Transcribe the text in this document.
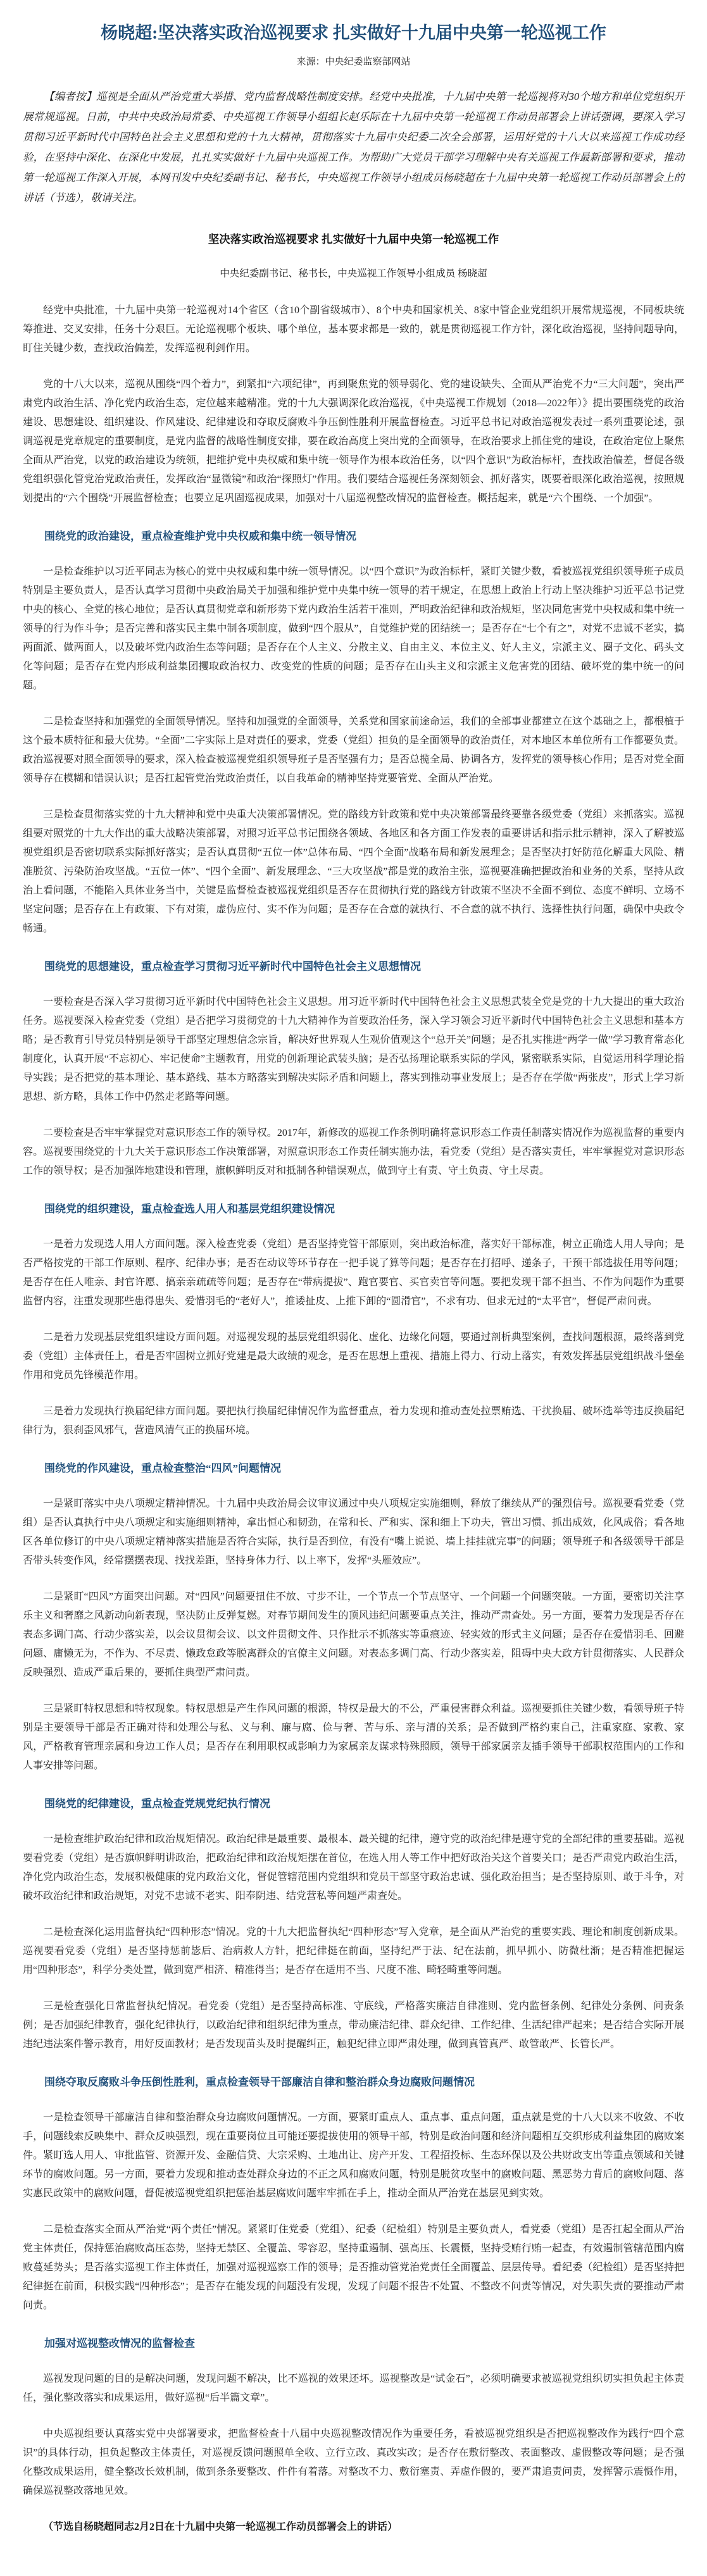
杨晓超:坚决落实政治巡视要求 扎实做好十九届中央第一轮巡视工作
来源：中央纪委监察部网站

【编者按】巡视是全面从严治党重大举措、党内监督战略性制度安排。经党中央批准，十九届中央第一轮巡视将对30个地方和单位党组织开展常规巡视。日前，中共中央政治局常委、中央巡视工作领导小组组长赵乐际在十九届中央第一轮巡视工作动员部署会上讲话强调，要深入学习贯彻习近平新时代中国特色社会主义思想和党的十九大精神，贯彻落实十九届中央纪委二次全会部署，运用好党的十八大以来巡视工作成功经验，在坚持中深化、在深化中发展，扎扎实实做好十九届中央巡视工作。为帮助广大党员干部学习理解中央有关巡视工作最新部署和要求，推动第一轮巡视工作深入开展，本网刊发中央纪委副书记、秘书长，中央巡视工作领导小组成员杨晓超在十九届中央第一轮巡视工作动员部署会上的讲话（节选），敬请关注。

坚决落实政治巡视要求 扎实做好十九届中央第一轮巡视工作
中央纪委副书记、秘书长，中央巡视工作领导小组成员 杨晓超

经党中央批准，十九届中央第一轮巡视对14个省区（含10个副省级城市）、8个中央和国家机关、8家中管企业党组织开展常规巡视，不同板块统筹推进、交叉安排，任务十分艰巨。无论巡视哪个板块、哪个单位，基本要求都是一致的，就是贯彻巡视工作方针，深化政治巡视，坚持问题导向，盯住关键少数，查找政治偏差，发挥巡视利剑作用。

党的十八大以来，巡视从围绕“四个着力”，到紧扣“六项纪律”，再到聚焦党的领导弱化、党的建设缺失、全面从严治党不力“三大问题”，突出严肃党内政治生活、净化党内政治生态，定位越来越精准。党的十九大强调深化政治巡视，《中央巡视工作规划（2018—2022年）》提出要围绕党的政治建设、思想建设、组织建设、作风建设、纪律建设和夺取反腐败斗争压倒性胜利开展监督检查。习近平总书记对政治巡视发表过一系列重要论述，强调巡视是党章规定的重要制度，是党内监督的战略性制度安排，要在政治高度上突出党的全面领导，在政治要求上抓住党的建设，在政治定位上聚焦全面从严治党，以党的政治建设为统领，把维护党中央权威和集中统一领导作为根本政治任务，以“四个意识”为政治标杆，查找政治偏差，督促各级党组织强化管党治党政治责任，发挥政治“显微镜”和政治“探照灯”作用。我们要结合巡视任务深刻领会、抓好落实，既要着眼深化政治巡视，按照规划提出的“六个围绕”开展监督检查；也要立足巩固巡视成果，加强对十八届巡视整改情况的监督检查。概括起来，就是“六个围绕、一个加强”。

围绕党的政治建设，重点检查维护党中央权威和集中统一领导情况

一是检查维护以习近平同志为核心的党中央权威和集中统一领导情况。以“四个意识”为政治标杆，紧盯关键少数，看被巡视党组织领导班子成员特别是主要负责人，是否认真学习贯彻中央政治局关于加强和维护党中央集中统一领导的若干规定，在思想上政治上行动上坚决维护习近平总书记党中央的核心、全党的核心地位；是否认真贯彻党章和新形势下党内政治生活若干准则，严明政治纪律和政治规矩，坚决同危害党中央权威和集中统一领导的行为作斗争；是否完善和落实民主集中制各项制度，做到“四个服从”，自觉维护党的团结统一；是否存在“七个有之”，对党不忠诚不老实，搞两面派、做两面人，以及破坏党内政治生态等问题；是否存在个人主义、分散主义、自由主义、本位主义、好人主义，宗派主义、圈子文化、码头文化等问题；是否存在党内形成利益集团攫取政治权力、改变党的性质的问题；是否存在山头主义和宗派主义危害党的团结、破坏党的集中统一的问题。

二是检查坚持和加强党的全面领导情况。坚持和加强党的全面领导，关系党和国家前途命运，我们的全部事业都建立在这个基础之上，都根植于这个最本质特征和最大优势。“全面”二字实际上是对责任的要求，党委（党组）担负的是全面领导的政治责任，对本地区本单位所有工作都要负责。政治巡视要对照全面领导的要求，深入检查被巡视党组织领导班子是否坚强有力；是否总揽全局、协调各方，发挥党的领导核心作用；是否对党全面领导存在模糊和错误认识；是否扛起管党治党政治责任，以自我革命的精神坚持党要管党、全面从严治党。

三是检查贯彻落实党的十九大精神和党中央重大决策部署情况。党的路线方针政策和党中央决策部署最终要靠各级党委（党组）来抓落实。巡视组要对照党的十九大作出的重大战略决策部署，对照习近平总书记围绕各领域、各地区和各方面工作发表的重要讲话和指示批示精神，深入了解被巡视党组织是否密切联系实际抓好落实；是否认真贯彻“五位一体”总体布局、“四个全面”战略布局和新发展理念；是否坚决打好防范化解重大风险、精准脱贫、污染防治攻坚战。“五位一体”、“四个全面”、新发展理念、“三大攻坚战”都是党的政治主张，巡视要准确把握政治和业务的关系，坚持从政治上看问题，不能陷入具体业务当中，关键是监督检查被巡视党组织是否存在贯彻执行党的路线方针政策不坚决不全面不到位、态度不鲜明、立场不坚定问题；是否存在上有政策、下有对策，虚伪应付、实不作为问题；是否存在合意的就执行、不合意的就不执行、选择性执行问题，确保中央政令畅通。

围绕党的思想建设，重点检查学习贯彻习近平新时代中国特色社会主义思想情况

一要检查是否深入学习贯彻习近平新时代中国特色社会主义思想。用习近平新时代中国特色社会主义思想武装全党是党的十九大提出的重大政治任务。巡视要深入检查党委（党组）是否把学习贯彻党的十九大精神作为首要政治任务，深入学习领会习近平新时代中国特色社会主义思想和基本方略；是否教育引导党员特别是领导干部坚定理想信念宗旨，解决好世界观人生观价值观这个“总开关”问题；是否扎实推进“两学一做”学习教育常态化制度化，认真开展“不忘初心、牢记使命”主题教育，用党的创新理论武装头脑；是否弘扬理论联系实际的学风，紧密联系实际，自觉运用科学理论指导实践；是否把党的基本理论、基本路线、基本方略落实到解决实际矛盾和问题上，落实到推动事业发展上；是否存在学做“两张皮”，形式上学习新思想、新方略，具体工作中仍然走老路等问题。

二要检查是否牢牢掌握党对意识形态工作的领导权。2017年，新修改的巡视工作条例明确将意识形态工作责任制落实情况作为巡视监督的重要内容。巡视要围绕党的十九大关于意识形态工作决策部署，对照意识形态工作责任制实施办法，看党委（党组）是否落实责任，牢牢掌握党对意识形态工作的领导权；是否加强阵地建设和管理，旗帜鲜明反对和抵制各种错误观点，做到守土有责、守土负责、守土尽责。

围绕党的组织建设，重点检查选人用人和基层党组织建设情况

一是着力发现选人用人方面问题。深入检查党委（党组）是否坚持党管干部原则，突出政治标准，落实好干部标准，树立正确选人用人导向；是否严格按党的干部工作原则、程序、纪律办事；是否在动议等环节存在一把手说了算等问题；是否存在打招呼、递条子，干预干部选拔任用等问题；是否存在任人唯亲、封官许愿、搞亲亲疏疏等问题；是否存在“带病提拔”、跑官要官、买官卖官等问题。要把发现干部不担当、不作为问题作为重要监督内容，注重发现那些患得患失、爱惜羽毛的“老好人”，推诿扯皮、上推下卸的“圆滑官”，不求有功、但求无过的“太平官”，督促严肃问责。

二是着力发现基层党组织建设方面问题。对巡视发现的基层党组织弱化、虚化、边缘化问题，要通过剖析典型案例，查找问题根源，最终落到党委（党组）主体责任上，看是否牢固树立抓好党建是最大政绩的观念，是否在思想上重视、措施上得力、行动上落实，有效发挥基层党组织战斗堡垒作用和党员先锋模范作用。

三是着力发现执行换届纪律方面问题。要把执行换届纪律情况作为监督重点，着力发现和推动查处拉票贿选、干扰换届、破坏选举等违反换届纪律行为，狠刹歪风邪气，营造风清气正的换届环境。

围绕党的作风建设，重点检查整治“四风”问题情况

一是紧盯落实中央八项规定精神情况。十九届中央政治局会议审议通过中央八项规定实施细则，释放了继续从严的强烈信号。巡视要看党委（党组）是否认真执行中央八项规定和实施细则精神，拿出恒心和韧劲，在常和长、严和实、深和细上下功夫，管出习惯、抓出成效，化风成俗；看各地区各单位修订的中央八项规定精神落实措施是否符合实际，执行是否到位，有没有“嘴上说说、墙上挂挂就完事”的问题；领导班子和各级领导干部是否带头转变作风，经常摆摆表现、找找差距，坚持身体力行、以上率下，发挥“头雁效应”。

二是紧盯“四风”方面突出问题。对“四风”问题要扭住不放、寸步不让，一个节点一个节点坚守、一个问题一个问题突破。一方面，要密切关注享乐主义和奢靡之风新动向新表现，坚决防止反弹复燃。对春节期间发生的顶风违纪问题要重点关注，推动严肃查处。另一方面，要着力发现是否存在表态多调门高、行动少落实差，以会议贯彻会议、以文件贯彻文件、只作批示不抓落实等重痕迹、轻实效的形式主义问题；是否存在爱惜羽毛、回避问题、庸懒无为，不作为、不尽责、懒政怠政等脱离群众的官僚主义问题。对表态多调门高、行动少落实差，阻碍中央大政方针贯彻落实、人民群众反映强烈、造成严重后果的，要抓住典型严肃问责。

三是紧盯特权思想和特权现象。特权思想是产生作风问题的根源，特权是最大的不公，严重侵害群众利益。巡视要抓住关键少数，看领导班子特别是主要领导干部是否正确对待和处理公与私、义与利、廉与腐、俭与奢、苦与乐、亲与清的关系；是否做到严格约束自己，注重家庭、家教、家风，严格教育管理亲属和身边工作人员；是否存在利用职权或影响力为家属亲友谋求特殊照顾，领导干部家属亲友插手领导干部职权范围内的工作和人事安排等问题。

围绕党的纪律建设，重点检查党规党纪执行情况

一是检查维护政治纪律和政治规矩情况。政治纪律是最重要、最根本、最关键的纪律，遵守党的政治纪律是遵守党的全部纪律的重要基础。巡视要看党委（党组）是否旗帜鲜明讲政治，把政治纪律和政治规矩摆在首位，在选人用人等工作中把好政治关这个首要关口；是否严肃党内政治生活，净化党内政治生态，发展积极健康的党内政治文化，督促管辖范围内党组织和党员干部坚守政治忠诚、强化政治担当；是否坚持原则、敢于斗争，对破坏政治纪律和政治规矩，对党不忠诚不老实、阳奉阴违、结党营私等问题严肃查处。

二是检查深化运用监督执纪“四种形态”情况。党的十九大把监督执纪“四种形态”写入党章，是全面从严治党的重要实践、理论和制度创新成果。巡视要看党委（党组）是否坚持惩前毖后、治病救人方针，把纪律挺在前面，坚持纪严于法、纪在法前，抓早抓小、防微杜渐；是否精准把握运用“四种形态”，科学分类处置，做到宽严相济、精准得当；是否存在适用不当、尺度不准、畸轻畸重等问题。

三是检查强化日常监督执纪情况。看党委（党组）是否坚持高标准、守底线，严格落实廉洁自律准则、党内监督条例、纪律处分条例、问责条例；是否加强纪律教育，强化纪律执行，以政治纪律和组织纪律为重点，带动廉洁纪律、群众纪律、工作纪律、生活纪律严起来；是否结合实际开展违纪违法案件警示教育，用好反面教材；是否发现苗头及时提醒纠正，触犯纪律立即严肃处理，做到真管真严、敢管敢严、长管长严。

围绕夺取反腐败斗争压倒性胜利，重点检查领导干部廉洁自律和整治群众身边腐败问题情况

一是检查领导干部廉洁自律和整治群众身边腐败问题情况。一方面，要紧盯重点人、重点事、重点问题，重点就是党的十八大以来不收敛、不收手，问题线索反映集中、群众反映强烈，现在重要岗位且可能还要提拔使用的领导干部，特别是政治问题和经济问题相互交织形成利益集团的腐败案件。紧盯选人用人、审批监管、资源开发、金融信贷、大宗采购、土地出让、房产开发、工程招投标、生态环保以及公共财政支出等重点领域和关键环节的腐败问题。另一方面，要着力发现和推动查处群众身边的不正之风和腐败问题，特别是脱贫攻坚中的腐败问题、黑恶势力背后的腐败问题、落实惠民政策中的腐败问题，督促被巡视党组织把惩治基层腐败问题牢牢抓在手上，推动全面从严治党在基层见到实效。

二是检查落实全面从严治党“两个责任”情况。紧紧盯住党委（党组）、纪委（纪检组）特别是主要负责人，看党委（党组）是否扛起全面从严治党主体责任，保持惩治腐败高压态势，坚持无禁区、全覆盖、零容忍，坚持重遏制、强高压、长震慑，坚持受贿行贿一起查，有效遏制管辖范围内腐败蔓延势头；是否落实巡视工作主体责任，加强对巡视巡察工作的领导；是否推动管党治党责任全面覆盖、层层传导。看纪委（纪检组）是否坚持把纪律挺在前面，积极实践“四种形态”；是否存在能发现的问题没有发现，发现了问题不报告不处置、不整改不问责等情况，对失职失责的要推动严肃问责。

加强对巡视整改情况的监督检查

巡视发现问题的目的是解决问题，发现问题不解决，比不巡视的效果还坏。巡视整改是“试金石”，必须明确要求被巡视党组织切实担负起主体责任，强化整改落实和成果运用，做好巡视“后半篇文章”。

中央巡视组要认真落实党中央部署要求，把监督检查十八届中央巡视整改情况作为重要任务，看被巡视党组织是否把巡视整改作为践行“四个意识”的具体行动，担负起整改主体责任，对巡视反馈问题照单全收、立行立改、真改实改；是否存在敷衍整改、表面整改、虚假整改等问题；是否强化整改成果运用，健全整改长效机制，做到条条要整改、件件有着落。对整改不力、敷衍塞责、弄虚作假的，要严肃追责问责，发挥警示震慑作用，确保巡视整改落地见效。

（节选自杨晓超同志2月2日在十九届中央第一轮巡视工作动员部署会上的讲话）
